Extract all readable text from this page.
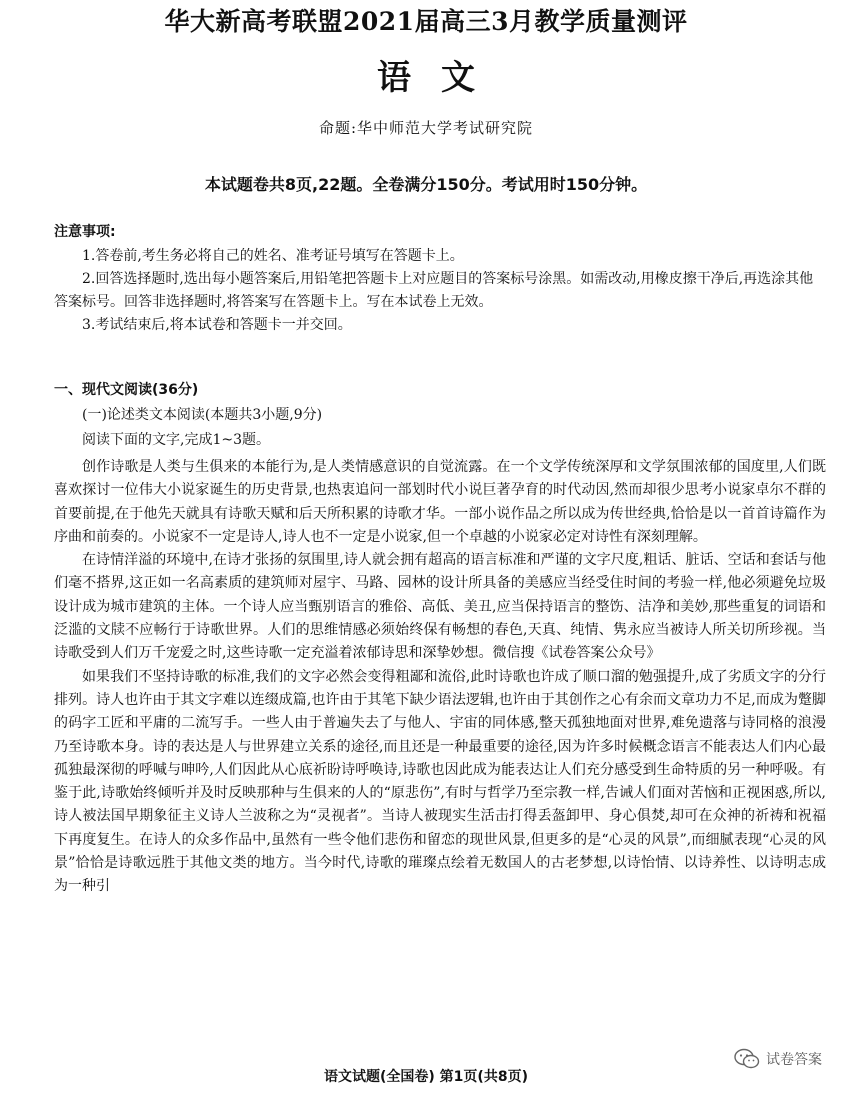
华大新高考联盟2021届高三3月教学质量测评
语文
命题:华中师范大学考试研究院
本试题卷共8页,22题。全卷满分150分。考试用时150分钟。
注意事项:

1.答卷前,考生务必将自己的姓名、准考证号填写在答题卡上。

2.回答选择题时,选出每小题答案后,用铅笔把答题卡上对应题目的答案标号涂黑。如需改动,用橡皮擦干净后,再选涂其他答案标号。回答非选择题时,将答案写在答题卡上。写在本试卷上无效。

3.考试结束后,将本试卷和答题卡一并交回。

一、现代文阅读(36分)
(一)论述类文本阅读(本题共3小题,9分)
阅读下面的文字,完成1~3题。

创作诗歌是人类与生俱来的本能行为,是人类情感意识的自觉流露。在一个文学传统深厚和文学氛围浓郁的国度里,人们既喜欢探讨一位伟大小说家诞生的历史背景,也热衷追问一部划时代小说巨著孕育的时代动因,然而却很少思考小说家卓尔不群的首要前提,在于他先天就具有诗歌天赋和后天所积累的诗歌才华。一部小说作品之所以成为传世经典,恰恰是以一首首诗篇作为序曲和前奏的。小说家不一定是诗人,诗人也不一定是小说家,但一个卓越的小说家必定对诗性有深刻理解。

在诗情洋溢的环境中,在诗才张扬的氛围里,诗人就会拥有超高的语言标准和严谨的文字尺度,粗话、脏话、空话和套话与他们毫不搭界,这正如一名高素质的建筑师对屋宇、马路、园林的设计所具备的美感应当经受住时间的考验一样,他必须避免垃圾设计成为城市建筑的主体。一个诗人应当甄别语言的雅俗、高低、美丑,应当保持语言的整饬、洁净和美妙,那些重复的词语和泛滥的文牍不应畅行于诗歌世界。人们的思维情感必须始终保有畅想的春色,天真、纯情、隽永应当被诗人所关切所珍视。当诗歌受到人们万千宠爱之时,这些诗歌一定充溢着浓郁诗思和深挚妙想。微信搜《试卷答案公众号》

如果我们不坚持诗歌的标准,我们的文字必然会变得粗鄙和流俗,此时诗歌也许成了顺口溜的勉强提升,成了劣质文字的分行排列。诗人也许由于其文字难以连缀成篇,也许由于其笔下缺少语法逻辑,也许由于其创作之心有余而文章功力不足,而成为蹩脚的码字工匠和平庸的二流写手。一些人由于普遍失去了与他人、宇宙的同体感,整天孤独地面对世界,难免遗落与诗同格的浪漫乃至诗歌本身。诗的表达是人与世界建立关系的途径,而且还是一种最重要的途径,因为许多时候概念语言不能表达人们内心最孤独最深彻的呼喊与呻吟,人们因此从心底祈盼诗呼唤诗,诗歌也因此成为能表达让人们充分感受到生命特质的另一种呼吸。有鉴于此,诗歌始终倾听并及时反映那种与生俱来的人的“原悲伤”,有时与哲学乃至宗教一样,告诫人们面对苦恼和正视困惑,所以,诗人被法国早期象征主义诗人兰波称之为“灵视者”。当诗人被现实生活击打得丢盔卸甲、身心俱焚,却可在众神的祈祷和祝福下再度复生。在诗人的众多作品中,虽然有一些令他们悲伤和留恋的现世风景,但更多的是“心灵的风景”,而细腻表现“心灵的风景”恰恰是诗歌远胜于其他文类的地方。当今时代,诗歌的璀璨点绘着无数国人的古老梦想,以诗怡情、以诗养性、以诗明志成为一种引

语文试题(全国卷) 第1页(共8页)
试卷答案
